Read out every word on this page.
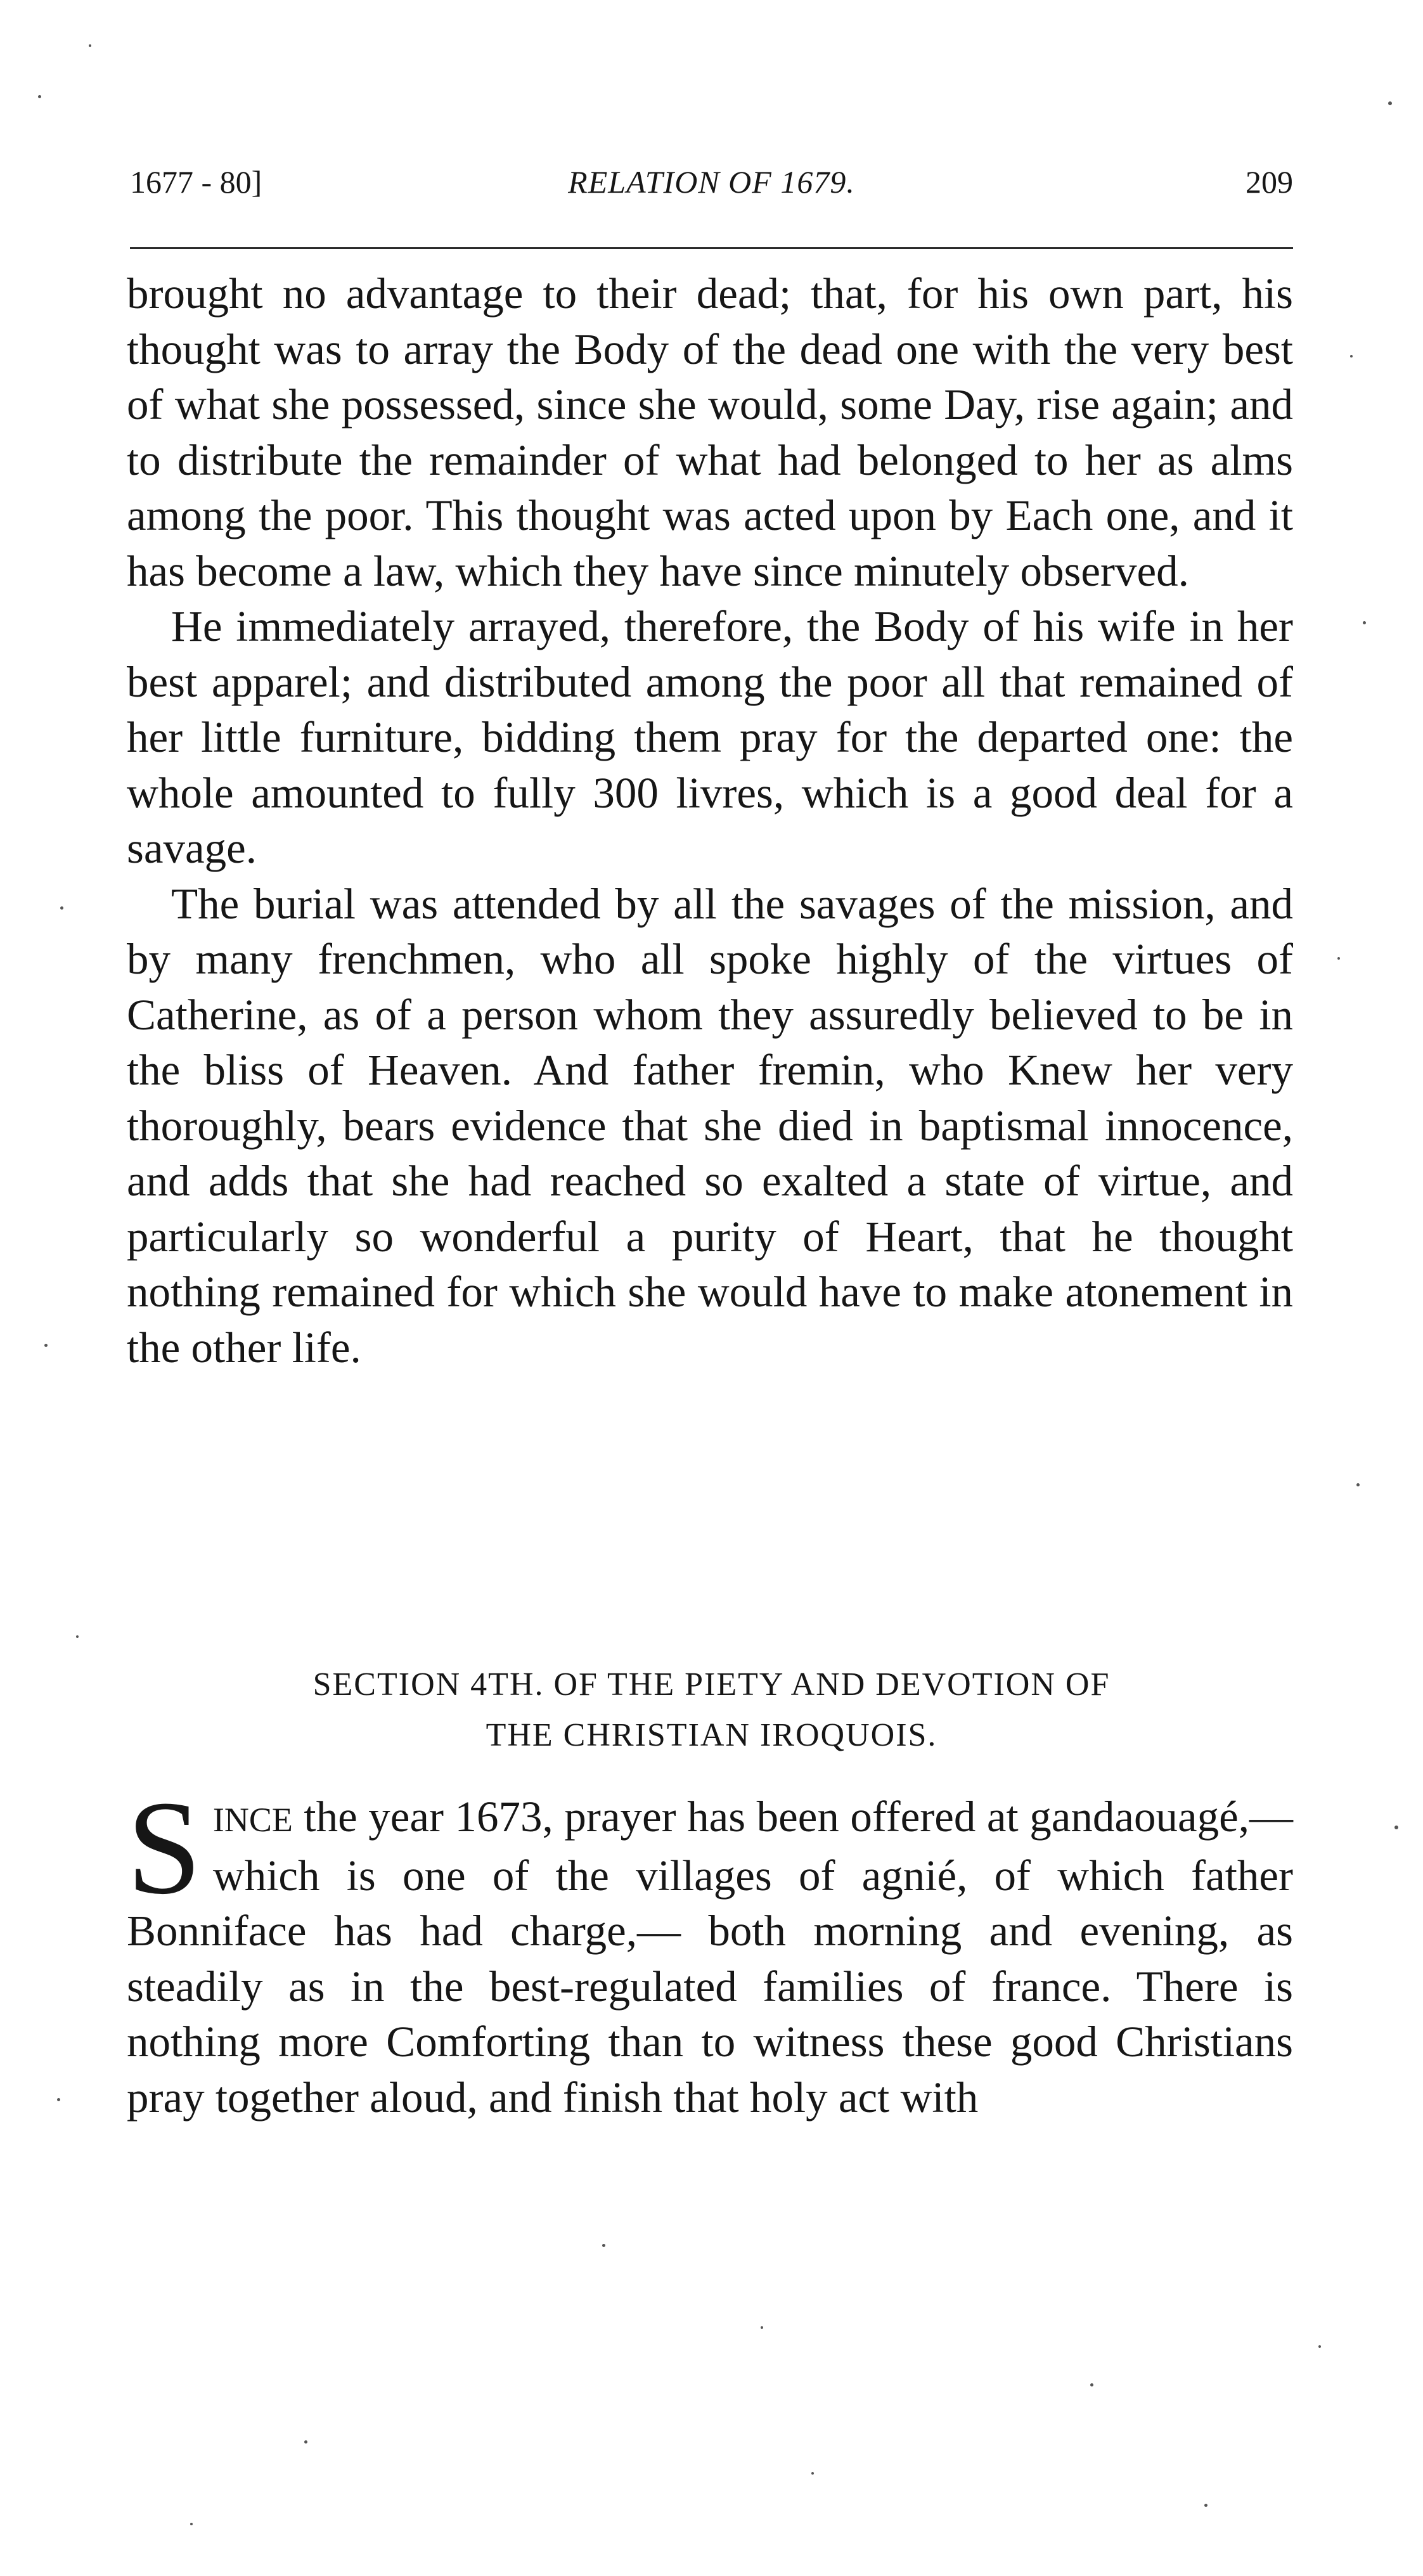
1677 - 80]	RELATION OF 1679.	209

brought no advantage to their dead; that, for his own part, his thought was to array the Body of the dead one with the very best of what she possessed, since she would, some Day, rise again; and to distribute the remainder of what had belonged to her as alms among the poor. This thought was acted upon by Each one, and it has become a law, which they have since minutely observed.

He immediately arrayed, therefore, the Body of his wife in her best apparel; and distributed among the poor all that remained of her little furniture, bidding them pray for the departed one: the whole amounted to fully 300 livres, which is a good deal for a savage.

The burial was attended by all the savages of the mission, and by many frenchmen, who all spoke highly of the virtues of Catherine, as of a person whom they assuredly believed to be in the bliss of Heaven. And father fremin, who Knew her very thoroughly, bears evidence that she died in baptismal innocence, and adds that she had reached so exalted a state of virtue, and particularly so wonderful a purity of Heart, that he thought nothing remained for which she would have to make atonement in the other life.

SECTION 4TH. OF THE PIETY AND DEVOTION OF
THE CHRISTIAN IROQUOIS.
SINCE the year 1673, prayer has been offered at gandaouagé,— which is one of the villages of agnié, of which father Bonniface has had charge,— both morning and evening, as steadily as in the best-regulated families of france. There is nothing more Comforting than to witness these good Christians pray together aloud, and finish that holy act with
